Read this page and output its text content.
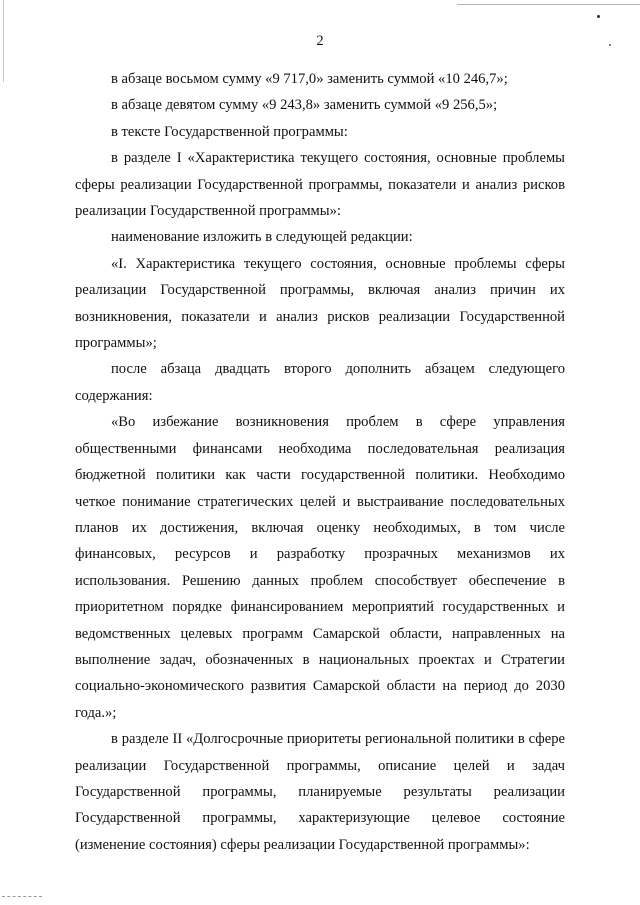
2

в абзаце восьмом сумму «9 717,0» заменить суммой «10 246,7»;

в абзаце девятом сумму «9 243,8» заменить суммой «9 256,5»;

в тексте Государственной программы:

в разделе I «Характеристика текущего состояния, основные проблемы сферы реализации Государственной программы, показатели и анализ рисков реализации Государственной программы»:

наименование изложить в следующей редакции:

«I. Характеристика текущего состояния, основные проблемы сферы реализации Государственной программы, включая анализ причин их возникновения, показатели и анализ рисков реализации Государственной программы»;

после абзаца двадцать второго дополнить абзацем следующего содержания:

«Во избежание возникновения проблем в сфере управления общественными финансами необходима последовательная реализация бюджетной политики как части государственной политики. Необходимо четкое понимание стратегических целей и выстраивание последовательных планов их достижения, включая оценку необходимых, в том числе финансовых, ресурсов и разработку прозрачных механизмов их использования. Решению данных проблем способствует обеспечение в приоритетном порядке финансированием мероприятий государственных и ведомственных целевых программ Самарской области, направленных на выполнение задач, обозначенных в национальных проектах и Стратегии социально-экономического развития Самарской области на период до 2030 года.»;

в разделе II «Долгосрочные приоритеты региональной политики в сфере реализации Государственной программы, описание целей и задач Государственной программы, планируемые результаты реализации Государственной программы, характеризующие целевое состояние (изменение состояния) сферы реализации Государственной программы»:
